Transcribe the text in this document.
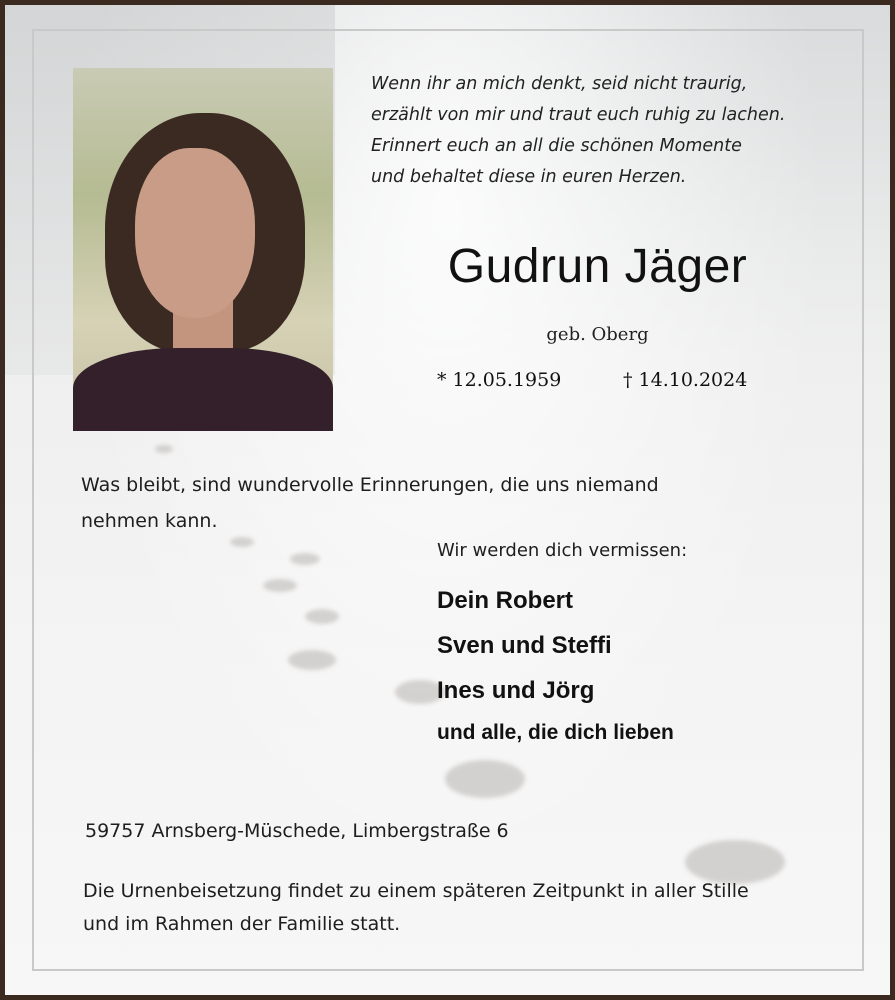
Wenn ihr an mich denkt, seid nicht traurig,
erzählt von mir und traut euch ruhig zu lachen.
Erinnert euch an all die schönen Momente
und behaltet diese in euren Herzen.
Gudrun Jäger
geb. Oberg
* 12.05.1959	† 14.10.2024
Was bleibt, sind wundervolle Erinnerungen, die uns niemand
nehmen kann.
Wir werden dich vermissen:
Dein Robert
Sven und Steffi
Ines und Jörg
und alle, die dich lieben
59757 Arnsberg-Müschede, Limbergstraße 6
Die Urnenbeisetzung findet zu einem späteren Zeitpunkt in aller Stille
und im Rahmen der Familie statt.
